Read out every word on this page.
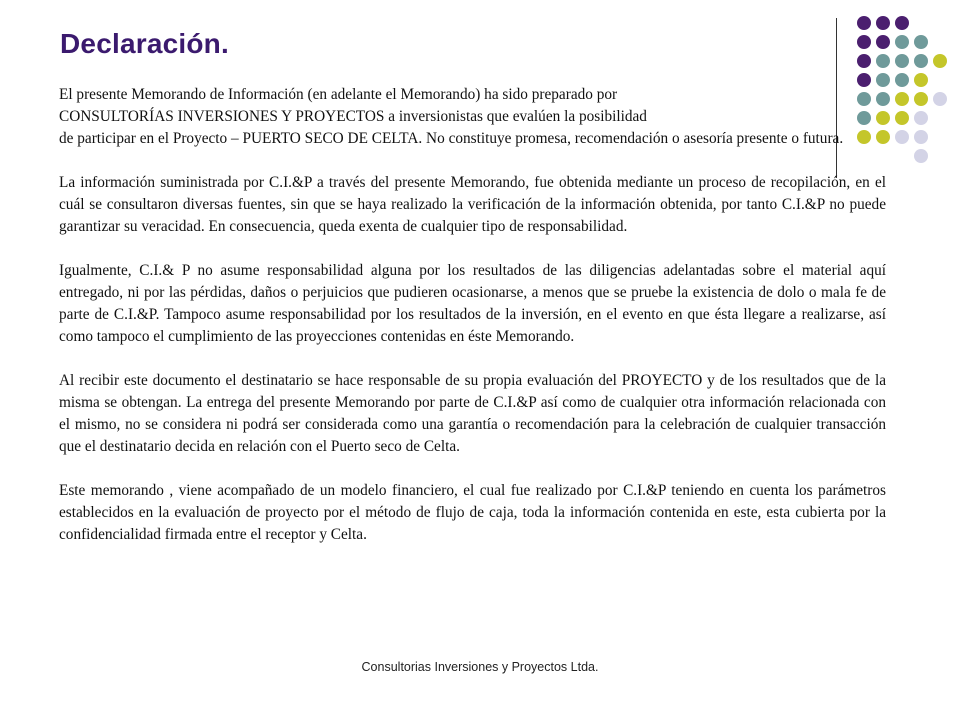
Declaración.

El presente Memorando de Información (en adelante el Memorando) ha sido preparado por
CONSULTORÍAS INVERSIONES Y PROYECTOS a inversionistas que evalúen la posibilidad
de participar en el Proyecto – PUERTO SECO DE CELTA. No constituye promesa, recomendación o asesoría presente o futura.

La información suministrada por C.I.&P a través del presente Memorando, fue obtenida mediante un proceso de recopilación, en el cuál se consultaron diversas fuentes, sin que se haya realizado la verificación de la información obtenida, por tanto C.I.&P no puede garantizar su veracidad. En consecuencia, queda exenta de cualquier tipo de responsabilidad.

Igualmente, C.I.& P no asume responsabilidad alguna por los resultados de las diligencias adelantadas sobre el material aquí entregado, ni por las pérdidas, daños o perjuicios que pudieren ocasionarse, a menos que se pruebe la existencia de dolo o mala fe de parte de C.I.&P. Tampoco asume responsabilidad por los resultados de la inversión, en el evento en que ésta llegare a realizarse, así como tampoco el cumplimiento de las proyecciones contenidas en éste Memorando.

Al recibir este documento el destinatario se hace responsable de su propia evaluación del PROYECTO y de los resultados que de la misma se obtengan. La entrega del presente Memorando por parte de C.I.&P así como de cualquier otra información relacionada con el mismo, no se considera ni podrá ser considerada como una garantía o recomendación para la celebración de cualquier transacción que el destinatario decida en relación con el Puerto seco de Celta.

Este memorando , viene acompañado de un modelo financiero, el cual fue realizado por C.I.&P teniendo en cuenta los parámetros establecidos en la evaluación de proyecto por el método de flujo de caja, toda la información contenida en este, esta cubierta por la confidencialidad firmada entre el receptor y Celta.

Consultorias Inversiones y Proyectos Ltda.
